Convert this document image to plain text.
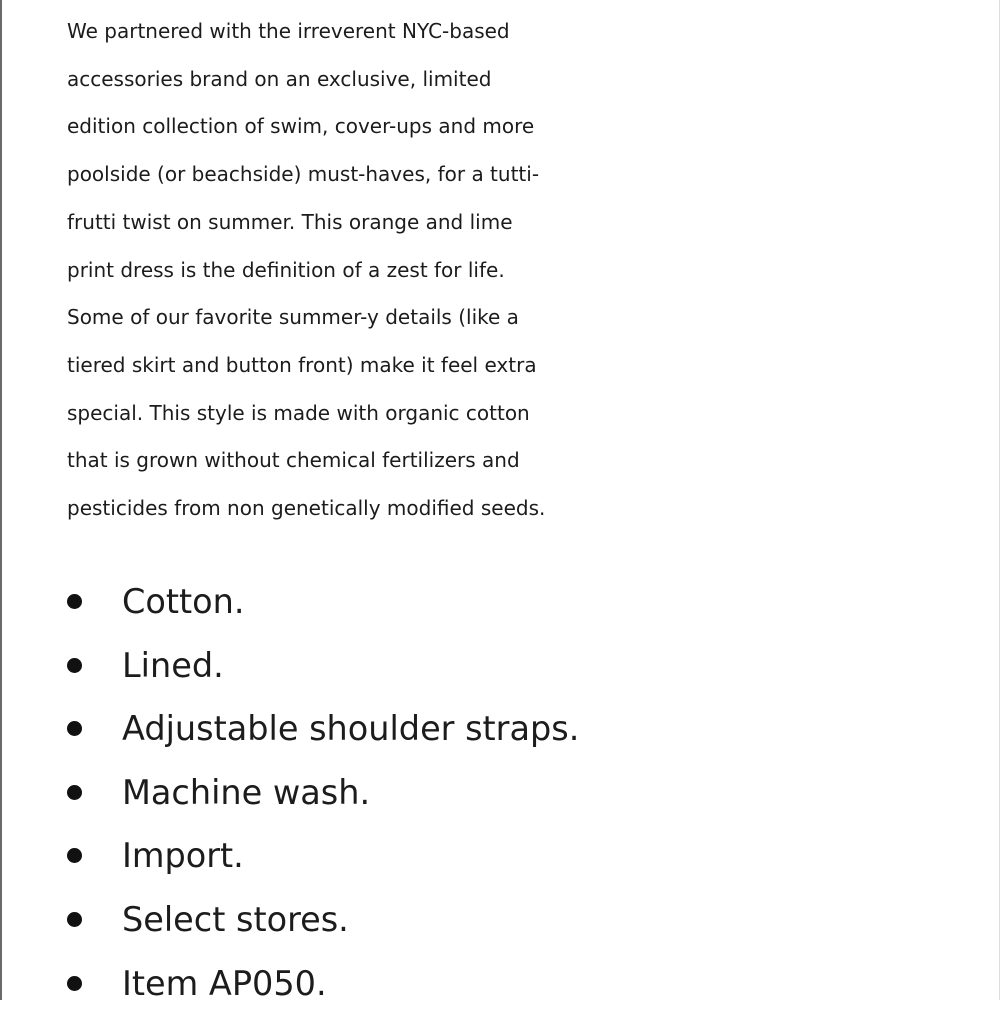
We partnered with the irreverent NYC-based
accessories brand on an exclusive, limited
edition collection of swim, cover-ups and more
poolside (or beachside) must-haves, for a tutti-
frutti twist on summer. This orange and lime
print dress is the definition of a zest for life.
Some of our favorite summer-y details (like a
tiered skirt and button front) make it feel extra
special. This style is made with organic cotton
that is grown without chemical fertilizers and
pesticides from non genetically modified seeds.
Cotton.
Lined.
Adjustable shoulder straps.
Machine wash.
Import.
Select stores.
Item AP050.
